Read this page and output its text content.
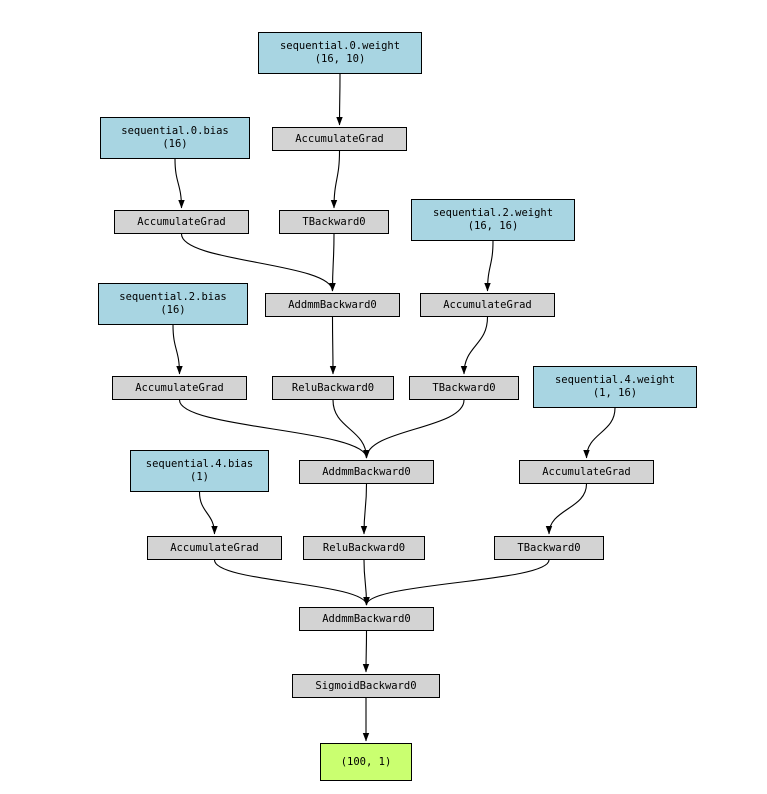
sequential.0.weight
(16, 10)
sequential.0.bias
(16)	AccumulateGrad
AccumulateGrad	TBackward0
sequential.2.weight
(16, 16)
sequential.2.bias
(16)	AddmmBackward0	AccumulateGrad
AccumulateGrad	ReluBackward0	TBackward0
sequential.4.weight
(1, 16)
sequential.4.bias
(1)	AddmmBackward0	AccumulateGrad
AccumulateGrad	ReluBackward0	TBackward0
AddmmBackward0
SigmoidBackward0
(100, 1)
